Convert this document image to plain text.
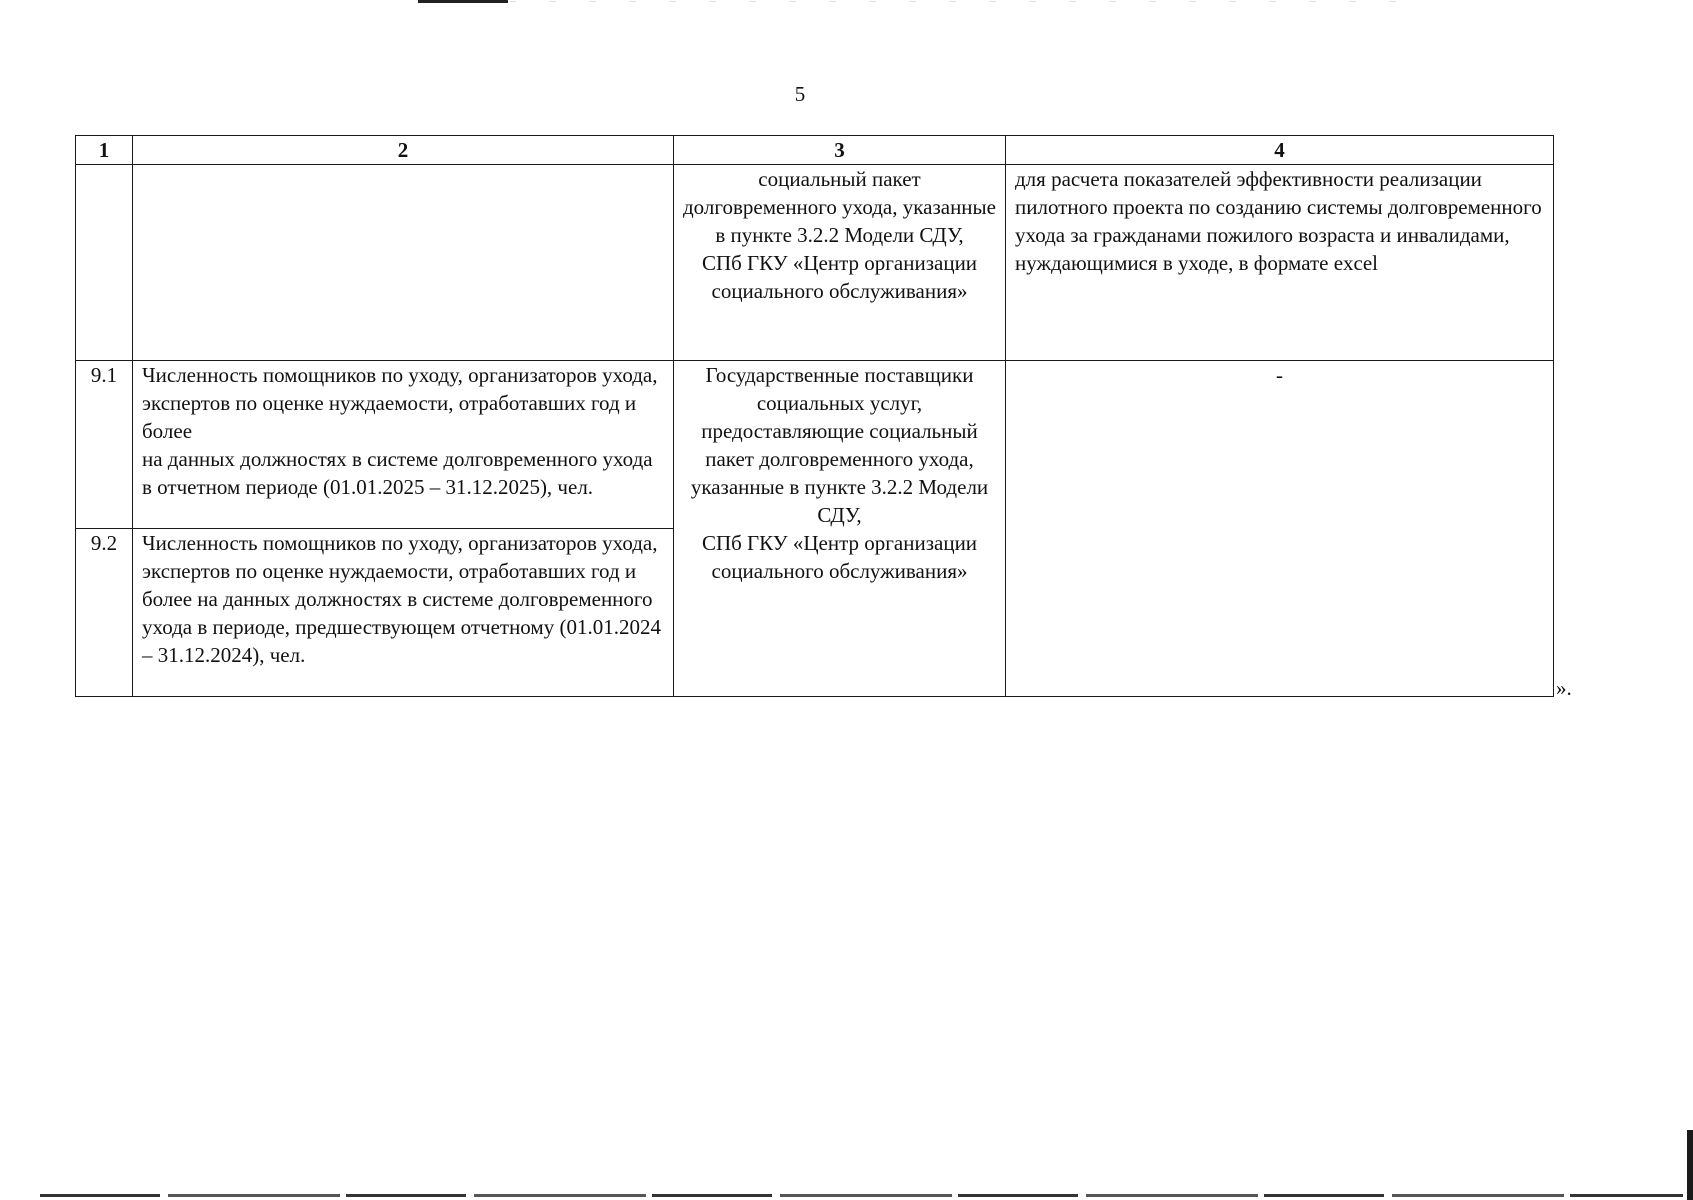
5
1	2	3	4

		социальный пакет долговременного ухода, указанные в пункте 3.2.2 Модели СДУ,
СПб ГКУ «Центр организации социального обслуживания»	для расчета показателей эффективности реализации
пилотного проекта по созданию системы долговременного ухода за гражданами пожилого возраста и инвалидами, нуждающимися в уходе, в формате excel

9.1	Численность помощников по уходу, организаторов ухода, экспертов по оценке нуждаемости, отработавших год и более
на данных должностях в системе долговременного ухода в отчетном периоде (01.01.2025 – 31.12.2025), чел.	Государственные поставщики социальных услуг, предоставляющие социальный пакет долговременного ухода, указанные в пункте 3.2.2 Модели СДУ,
СПб ГКУ «Центр организации социального обслуживания»	-
9.2	Численность помощников по уходу, организаторов ухода, экспертов по оценке нуждаемости, отработавших год и более на данных должностях в системе долговременного ухода в периоде, предшествующем отчетному (01.01.2024 – 31.12.2024), чел.		
».
